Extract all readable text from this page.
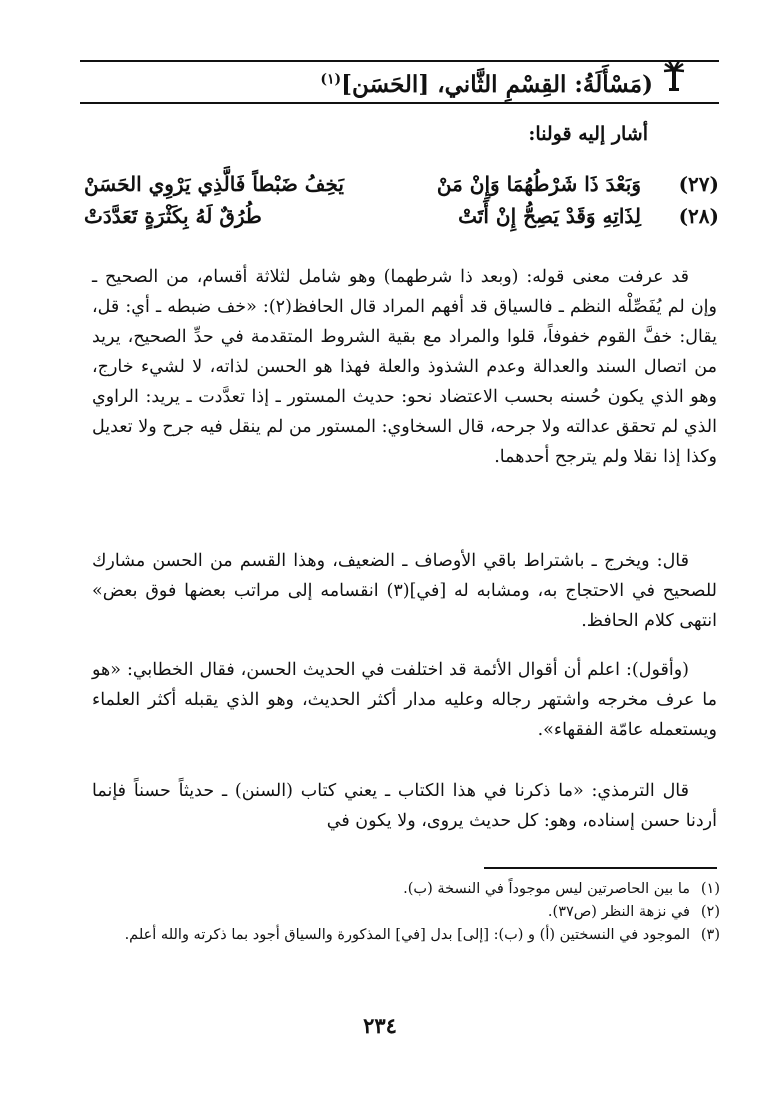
(مَسْأَلَةُ: القِسْمِ الثَّاني، [الحَسَن]$^{(١)}$
أشار إليه قولنا:
(٢٧)
وَبَعْدَ ذَا شَرْطُهُمَا وَإِنْ مَنْ
يَخِفُ ضَبْطاً فَالَّذِي يَرْوِي الحَسَنْ
(٢٨)
لِذَاتِهِ وَقَدْ يَصِحُّ إِنْ أَتَتْ
طُرُقٌ لَهُ بِكَثْرَةٍ تَعَدَّدَتْ

قد عرفت معنى قوله: (وبعد ذا شرطهما) وهو شامل لثلاثة أقسام، من الصحيح ـ وإن لم يُفَصِّلْه النظم ـ فالسياق قد أفهم المراد قال الحافظ(٢): «خف ضبطه ـ أي: قل، يقال: خفَّ القوم خفوفاً، قلوا والمراد مع بقية الشروط المتقدمة في حدِّ الصحيح، يريد من اتصال السند والعدالة وعدم الشذوذ والعلة فهذا هو الحسن لذاته، لا لشيء خارج، وهو الذي يكون حُسنه بحسب الاعتضاد نحو: حديث المستور ـ إذا تعدَّدت ـ يريد: الراوي الذي لم تحقق عدالته ولا جرحه، قال السخاوي: المستور من لم ينقل فيه جرح ولا تعديل وكذا إذا نقلا ولم يترجح أحدهما.

قال: ويخرج ـ باشتراط باقي الأوصاف ـ الضعيف، وهذا القسم من الحسن مشارك للصحيح في الاحتجاج به، ومشابه له [في](٣) انقسامه إلى مراتب بعضها فوق بعض» انتهى كلام الحافظ.

(وأقول): اعلم أن أقوال الأئمة قد اختلفت في الحديث الحسن، فقال الخطابي: «هو ما عرف مخرجه واشتهر رجاله وعليه مدار أكثر الحديث، وهو الذي يقبله أكثر العلماء ويستعمله عامّة الفقهاء».

قال الترمذي: «ما ذكرنا في هذا الكتاب ـ يعني كتاب (السنن) ـ حديثاً حسناً فإنما أردنا حسن إسناده، وهو: كل حديث يروى، ولا يكون في

(١)
ما بين الحاصرتين ليس موجوداً في النسخة (ب).
(٢)
في نزهة النظر (ص٣٧).
(٣)
الموجود في النسختين (أ) و (ب): [إلى] بدل [في] المذكورة والسياق أجود بما ذكرته والله أعلم.
٢٣٤
